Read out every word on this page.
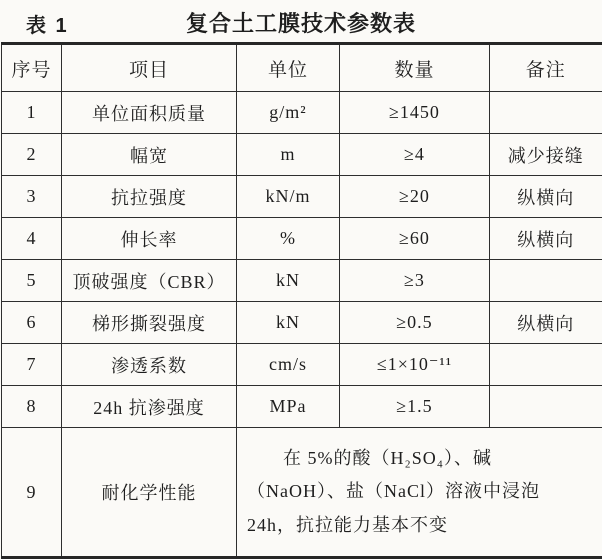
表 1	复合土工膜技术参数表
序号	项目	单位	数量	备注
1	单位面积质量	g/m²	≥1450	
2	幅宽	m	≥4	减少接缝
3	抗拉强度	kN/m	≥20	纵横向
4	伸长率	%	≥60	纵横向
5	顶破强度（CBR）	kN	≥3	
6	梯形撕裂强度	kN	≥0.5	纵横向
7	渗透系数	cm/s	≤1×10⁻¹¹	
8	24h 抗渗强度	MPa	≥1.5	
9	耐化学性能	在 5%的酸（H₂SO₄）、碱（NaOH）、盐（NaCl）溶液中浸泡 24h，抗拉能力基本不变		
